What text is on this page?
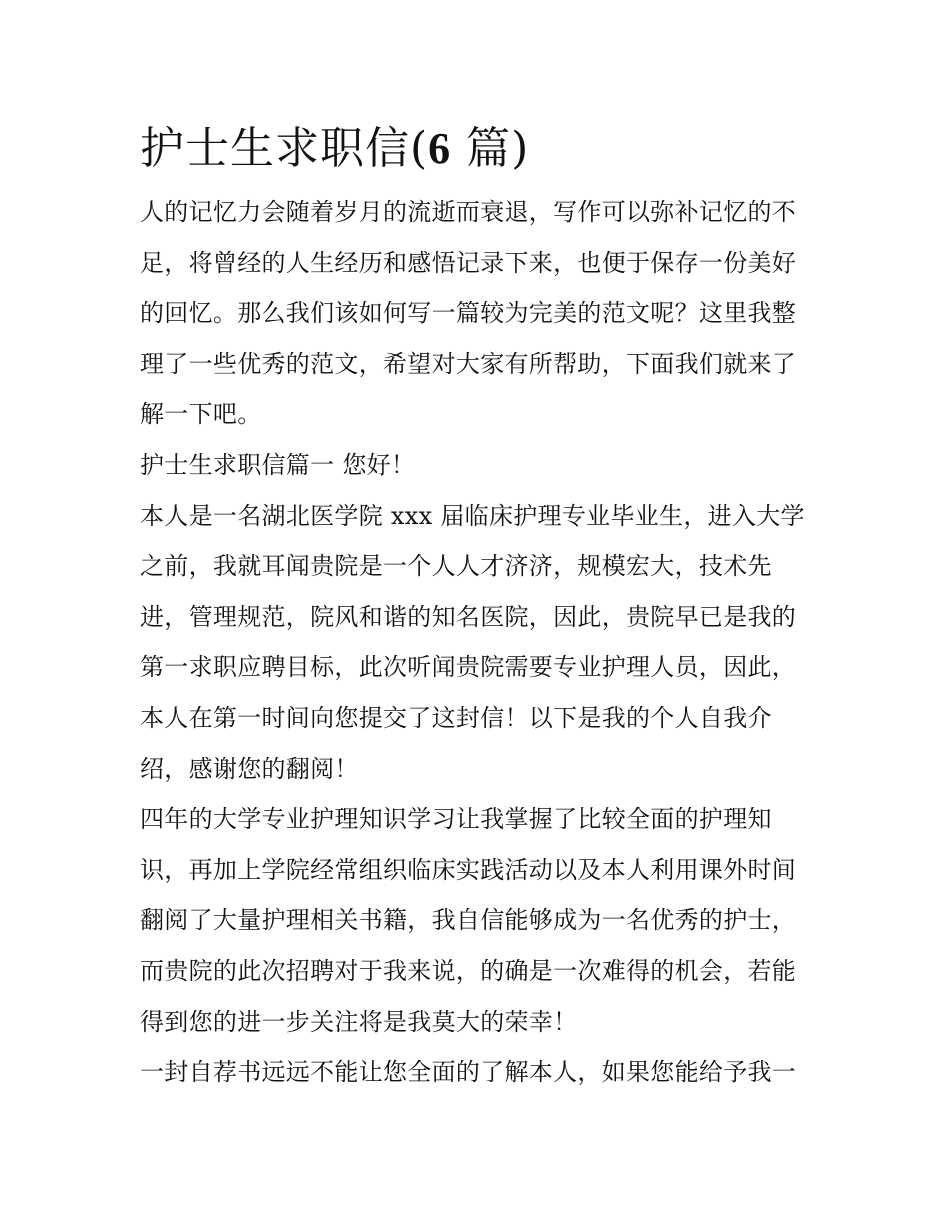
护士生求职信(6 篇)
人的记忆力会随着岁月的流逝而衰退，写作可以弥补记忆的不
足，将曾经的人生经历和感悟记录下来，也便于保存一份美好
的回忆。那么我们该如何写一篇较为完美的范文呢？这里我整
理了一些优秀的范文，希望对大家有所帮助，下面我们就来了
解一下吧。
护士生求职信篇一 您好！
本人是一名湖北医学院 xxx 届临床护理专业毕业生，进入大学
之前，我就耳闻贵院是一个人人才济济，规模宏大，技术先
进，管理规范，院风和谐的知名医院，因此，贵院早已是我的
第一求职应聘目标，此次听闻贵院需要专业护理人员，因此，
本人在第一时间向您提交了这封信！以下是我的个人自我介
绍，感谢您的翻阅！
四年的大学专业护理知识学习让我掌握了比较全面的护理知
识，再加上学院经常组织临床实践活动以及本人利用课外时间
翻阅了大量护理相关书籍，我自信能够成为一名优秀的护士，
而贵院的此次招聘对于我来说，的确是一次难得的机会，若能
得到您的进一步关注将是我莫大的荣幸！
一封自荐书远远不能让您全面的了解本人，如果您能给予我一
